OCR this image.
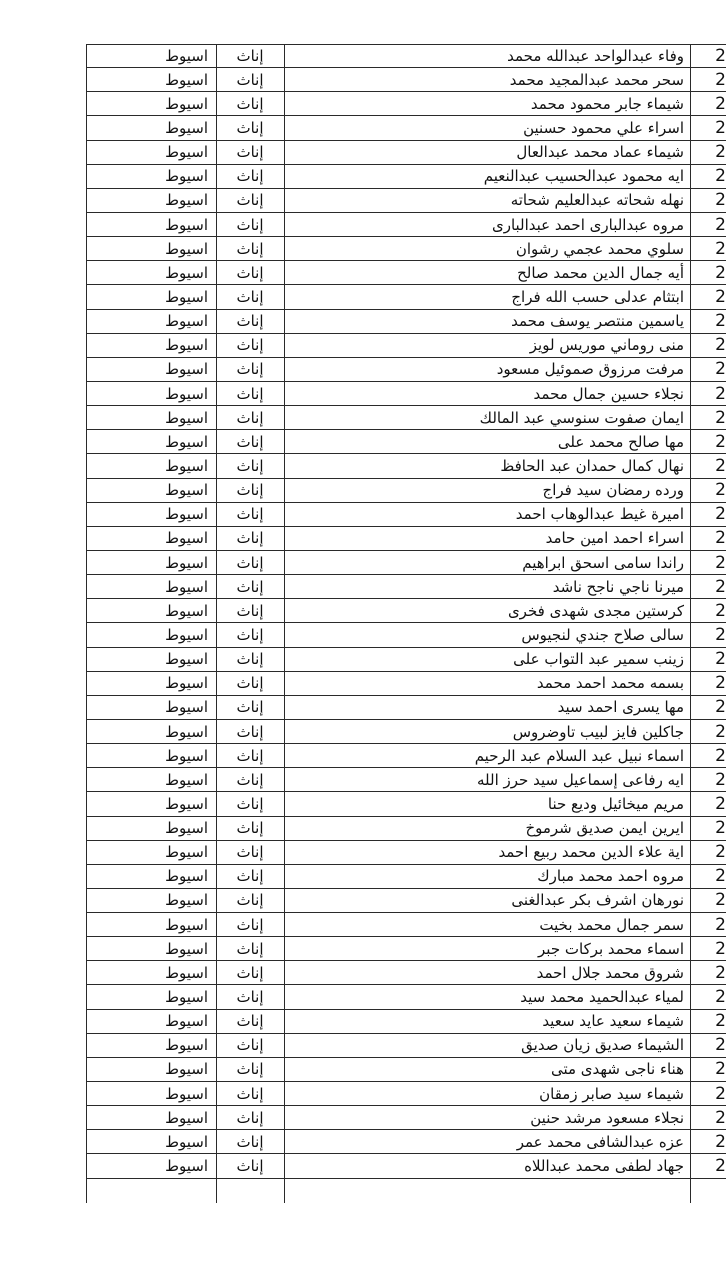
اسيوط	إناث	وفاء عبدالواحد عبدالله محمد	2
اسيوط	إناث	سحر محمد عبدالمجيد محمد	2
اسيوط	إناث	شيماء جابر محمود محمد	2
اسيوط	إناث	اسراء علي محمود حسنين	2
اسيوط	إناث	شيماء عماد محمد عبدالعال	2
اسيوط	إناث	ايه محمود عبدالحسيب عبدالنعيم	2
اسيوط	إناث	نهله شحاته عبدالعليم شحاته	2
اسيوط	إناث	مروه عبدالبارى احمد عبدالبارى	2
اسيوط	إناث	سلوي محمد عجمي رشوان	2
اسيوط	إناث	أيه جمال الدين محمد صالح	2
اسيوط	إناث	ابتثام عدلى حسب الله فراج	2
اسيوط	إناث	ياسمين منتصر يوسف محمد	2
اسيوط	إناث	منى روماني موريس لويز	2
اسيوط	إناث	مرفت مرزوق صموئيل مسعود	2
اسيوط	إناث	نجلاء حسين جمال محمد	2
اسيوط	إناث	ايمان صفوت سنوسي عبد المالك	2
اسيوط	إناث	مها صالح محمد على	2
اسيوط	إناث	نهال كمال حمدان عبد الحافظ	2
اسيوط	إناث	ورده رمضان سيد فراج	2
اسيوط	إناث	اميرة غيط عبدالوهاب احمد	2
اسيوط	إناث	اسراء احمد امين حامد	2
اسيوط	إناث	راندا سامى اسحق ابراهيم	2
اسيوط	إناث	ميرنا ناجي ناجح ناشد	2
اسيوط	إناث	كرستين مجدى شهدى فخرى	2
اسيوط	إناث	سالى صلاح جندي لنجيوس	2
اسيوط	إناث	زينب سمير عبد التواب على	2
اسيوط	إناث	بسمه محمد احمد محمد	2
اسيوط	إناث	مها يسرى احمد سيد	2
اسيوط	إناث	جاكلين فايز لبيب تاوضروس	2
اسيوط	إناث	اسماء نبيل عبد السلام عبد الرحيم	2
اسيوط	إناث	ايه رفاعى إسماعيل سيد حرز الله	2
اسيوط	إناث	مريم ميخائيل وديع حنا	2
اسيوط	إناث	ايرين ايمن صديق شرموخ	2
اسيوط	إناث	اية علاء الدين محمد ربيع احمد	2
اسيوط	إناث	مروه احمد محمد مبارك	2
اسيوط	إناث	نورهان اشرف بكر عبدالغنى	2
اسيوط	إناث	سمر جمال محمد بخيت	2
اسيوط	إناث	اسماء محمد بركات جبر	2
اسيوط	إناث	شروق محمد جلال احمد	2
اسيوط	إناث	لمياء عبدالحميد محمد سيد	2
اسيوط	إناث	شيماء سعيد عايد سعيد	2
اسيوط	إناث	الشيماء صديق زيان صديق	2
اسيوط	إناث	هناء ناجى شهدى متى	2
اسيوط	إناث	شيماء سيد صابر زمقان	2
اسيوط	إناث	نجلاء مسعود مرشد حنين	2
اسيوط	إناث	عزه عبدالشافى محمد عمر	2
اسيوط	إناث	جهاد لطفى محمد عبداللاه	2
